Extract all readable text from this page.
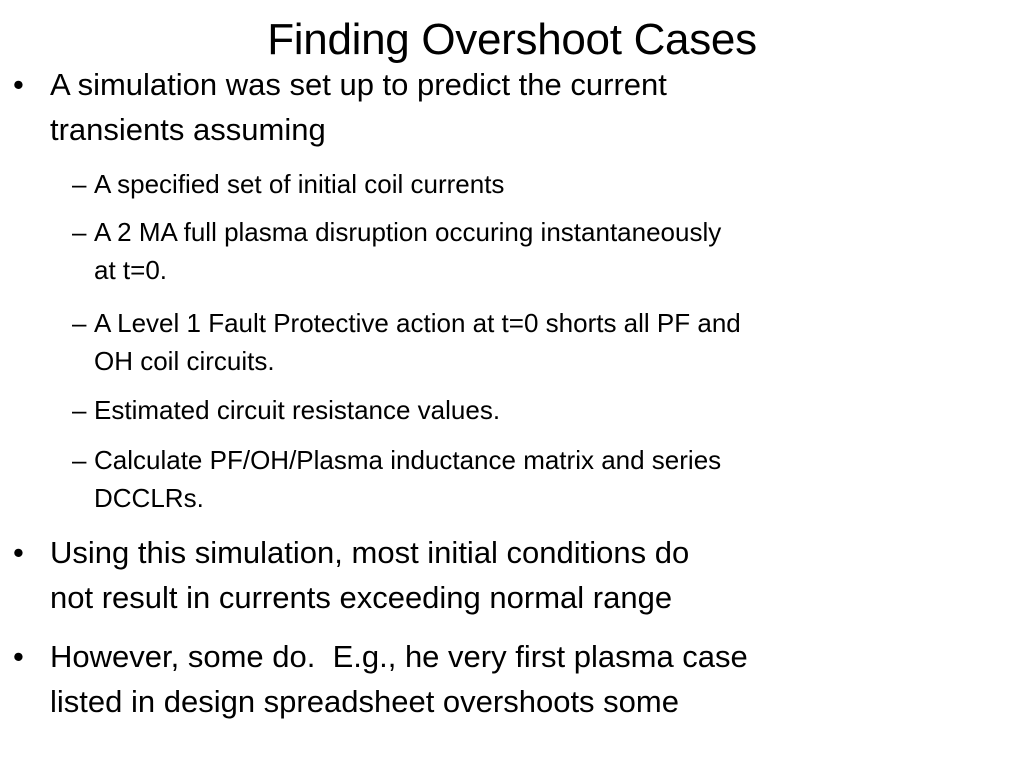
Finding Overshoot Cases
• A simulation was set up to predict the current
transients assuming
– A specified set of initial coil currents
– A 2 MA full plasma disruption occuring instantaneously
at t=0.
– A Level 1 Fault Protective action at t=0 shorts all PF and
OH coil circuits.
– Estimated circuit resistance values.
– Calculate PF/OH/Plasma inductance matrix and series
DCCLRs.
• Using this simulation, most initial conditions do
not result in currents exceeding normal range
• However, some do.  E.g., he very first plasma case
listed in design spreadsheet overshoots some
